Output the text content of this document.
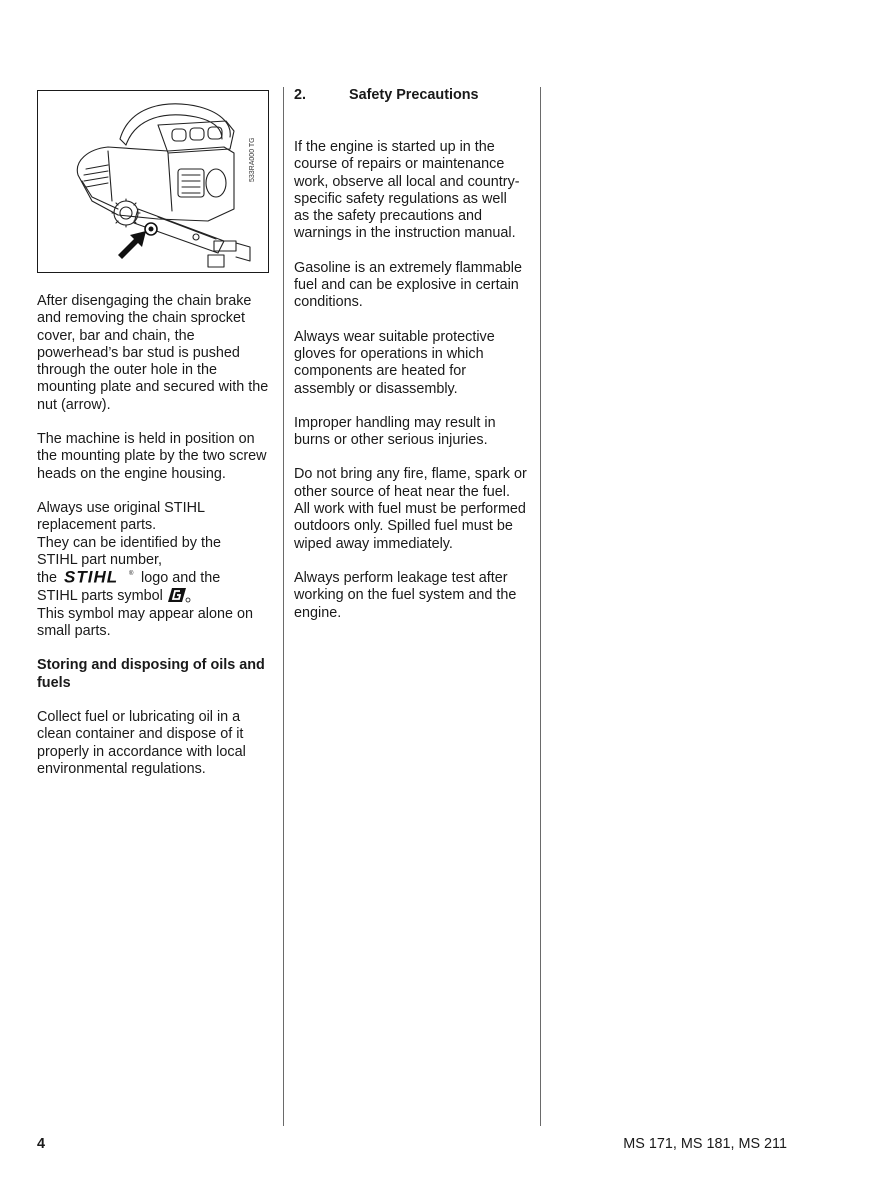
533RA000 TG
2.	Safety Precautions

After disengaging the chain brake
and removing the chain sprocket
cover, bar and chain, the
powerhead’s bar stud is pushed
through the outer hole in the
mounting plate and secured with the
nut (arrow).

The machine is held in position on
the mounting plate by the two screw
heads on the engine housing.

Always use original STIHL
replacement parts.
They can be identified by the
STIHL part number,

the STIHL ® logo and the

STIHL parts symbol

This symbol may appear alone on
small parts.

Storing and disposing of oils and
fuels

Collect fuel or lubricating oil in a
clean container and dispose of it
properly in accordance with local
environmental regulations.

If the engine is started up in the
course of repairs or maintenance
work, observe all local and country-
specific safety regulations as well
as the safety precautions and
warnings in the instruction manual.

Gasoline is an extremely flammable
fuel and can be explosive in certain
conditions.

Always wear suitable protective
gloves for operations in which
components are heated for
assembly or disassembly.

Improper handling may result in
burns or other serious injuries.

Do not bring any fire, flame, spark or
other source of heat near the fuel.
All work with fuel must be performed
outdoors only. Spilled fuel must be
wiped away immediately.

Always perform leakage test after
working on the fuel system and the
engine.

4	MS 171, MS 181, MS 211
